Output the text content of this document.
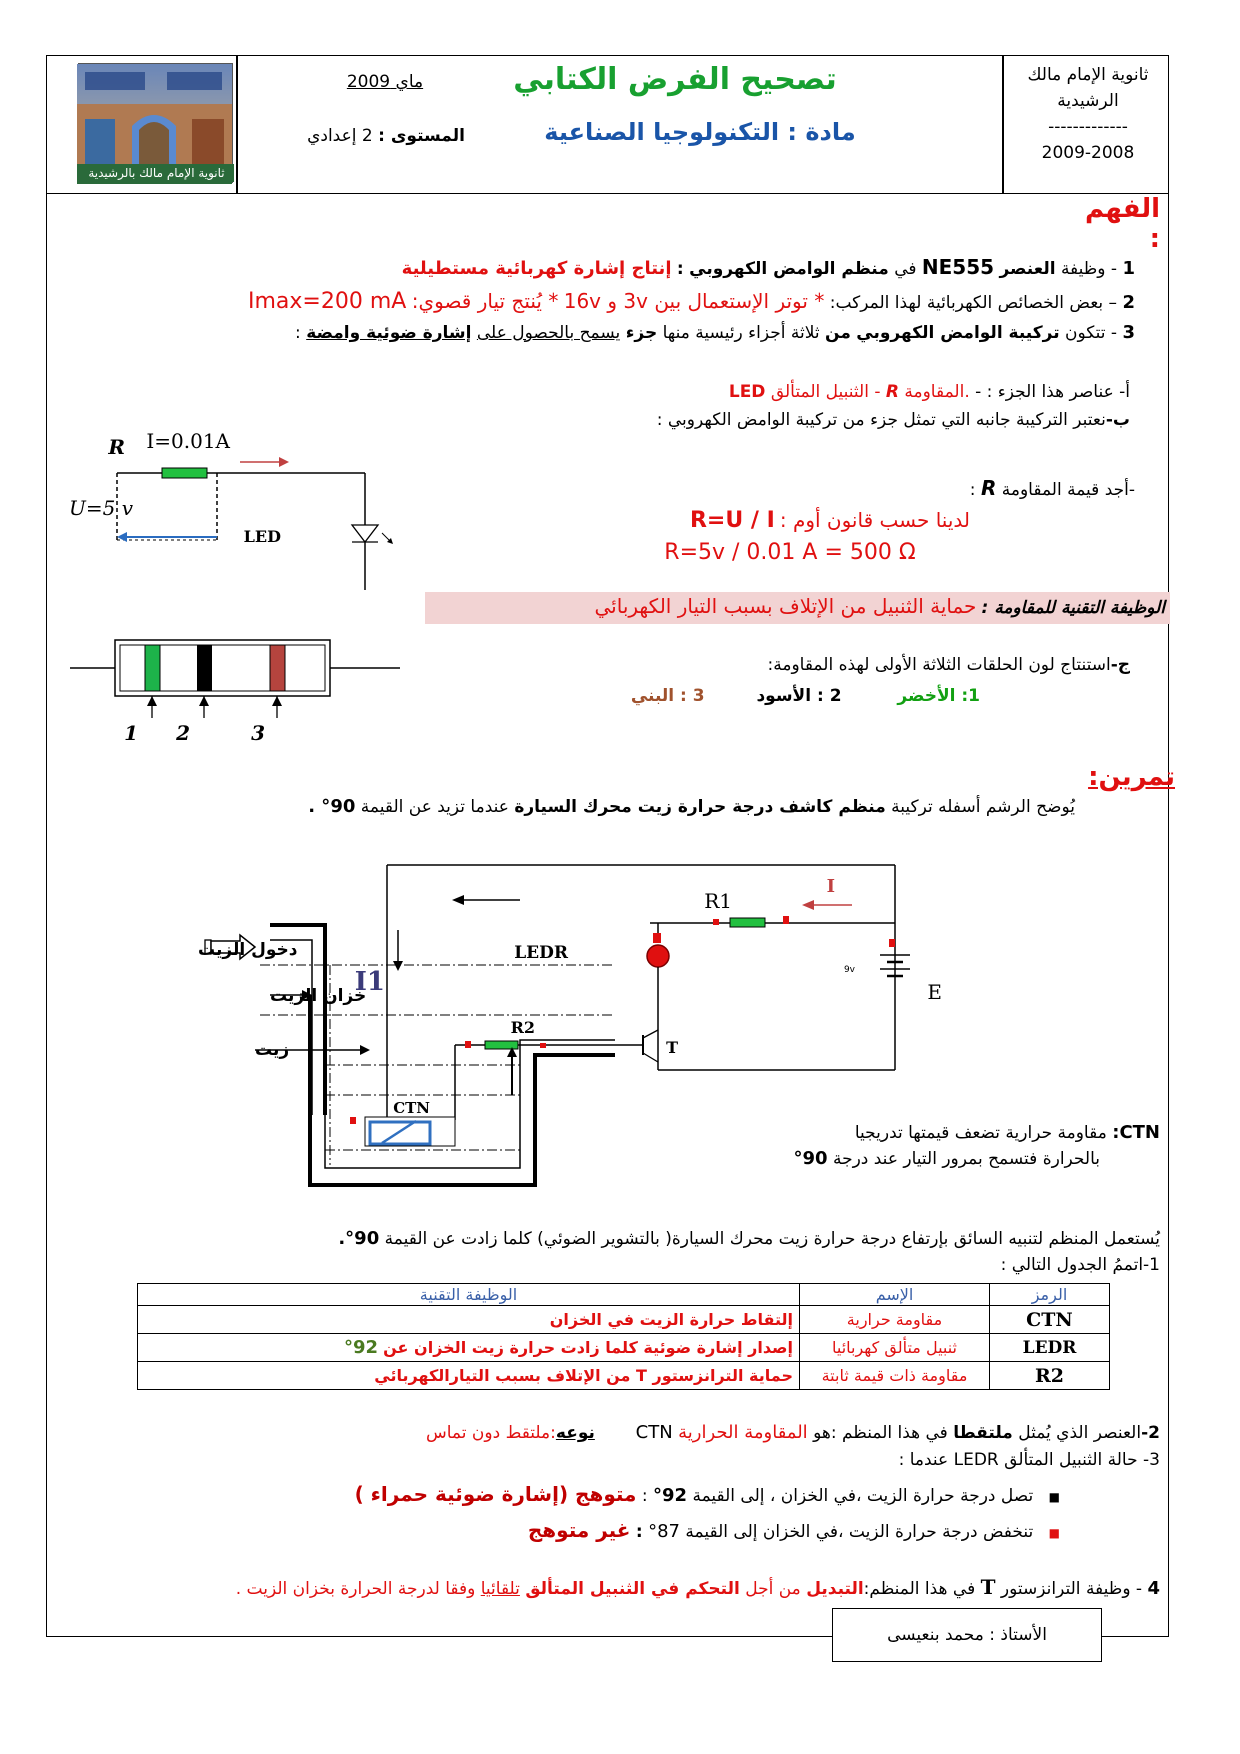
ثانوية الإمام مالك
الرشيدية
-------------
2009-2008
تصحيح الفرض الكتابي
مادة : التكنولوجيا الصناعية
ماي 2009
المستوى : 2 إعدادي
ثانوية الإمام مالك بالرشيدية
الفهم :
1 - وظيفة العنصر NE555 في منظم الوامض الكهروبي : إنتاج إشارة كهربائية مستطيلية
2 – بعض الخصائص الكهربائية لهذا المركب: * توتر الإستعمال بين 3v و 16v * يُنتج تيار قصوي: Imax=200 mA
3 - تتكون تركيبة الوامض الكهروبي من ثلاثة أجزاء رئيسية منها جزء يسمح بالحصول على إشارة ضوئية وامضة :
أ- عناصر هذا الجزء : - .المقاومة R - الثنبيل المتألق LED
ب-نعتبر التركيبة جانبه التي تمثل جزء من تركيبة الوامض الكهروبي :
-أجد قيمة المقاومة R :
لدينا حسب قانون أوم : R=U / I
R=5v / 0.01 A = 500 Ω
الوظيفة التقنية للمقاومة : حماية الثنبيل من الإتلاف بسبب التيار الكهربائي
ج-استنتاج لون الحلقات الثلاثة الأولى لهذه المقاومة:
1: الأخضر  2 : الأسود  3 : البني
R I=0.01A
U=5 v
LED
1 2	3
تمرين:
يُوضح الرشم أسفله تركيبة منظم كاشف درجة حرارة زيت محرك السيارة عندما تزيد عن القيمة 90° .
R1
I
I1
LEDR
9v
E
R2
T
CTN
دخول الزيت
خزان الزيت
زيت
CTN: مقاومة حرارية تضعف قيمتها تدريجيا
بالحرارة فتسمح بمرور التيار عند درجة 90°
يُستعمل المنظم لتنبيه السائق بإرتفاع درجة حرارة زيت محرك السيارة( بالتشوير الضوئي) كلما زادت عن القيمة 90°.
1-اتممُ الجدول التالي :
الرمز	الإسم	الوظيفة التقنية
CTN	مقاومة حرارية	إلتقاط حرارة الزيت في الخزان
LEDR	ثنبيل متألق كهربائيا	إصدار إشارة ضوئية كلما زادت حرارة زيت الخزان عن 92°
R2	مقاومة ذات قيمة ثابتة	حماية الترانزستور T من الإتلاف بسبب التيارالكهربائي
2-العنصر الذي يُمثل ملتقطا في هذا المنظم :هو المقاومة الحرارية CTN  نوعه:ملتقط دون تماس
3- حالة الثنبيل المتألق LEDR عندما :
■ تصل درجة حرارة الزيت ،في الخزان ، إلى القيمة 92° : متوهج (إشارة ضوئية حمراء )
■ تنخفض درجة حرارة الزيت ،في الخزان إلى القيمة 87° : غير متوهج
4 - وظيفة الترانزستور T في هذا المنظم:التبديل من أجل التحكم في الثنبيل المتألق تلقائيا وفقا لدرجة الحرارة بخزان الزيت .
الأستاذ : محمد بنعيسى
